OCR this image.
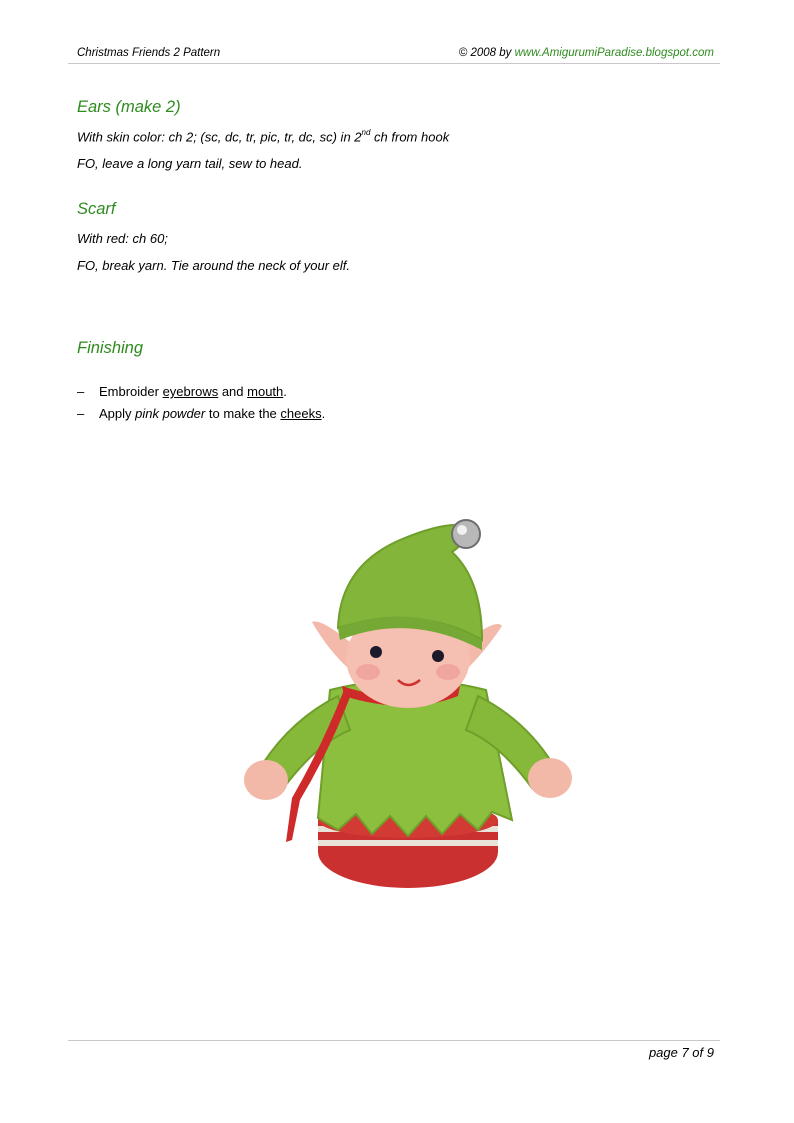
Christmas Friends 2 Pattern	© 2008 by www.AmigurumiParadise.blogspot.com
Ears (make 2)
With skin color: ch 2; (sc, dc, tr, pic, tr, dc, sc) in 2nd ch from hook
FO, leave a long yarn tail, sew to head.
Scarf
With red: ch 60;
FO, break yarn. Tie around the neck of your elf.
Finishing
– Embroider eyebrows and mouth.
– Apply pink powder to make the cheeks.
page 7 of 9
